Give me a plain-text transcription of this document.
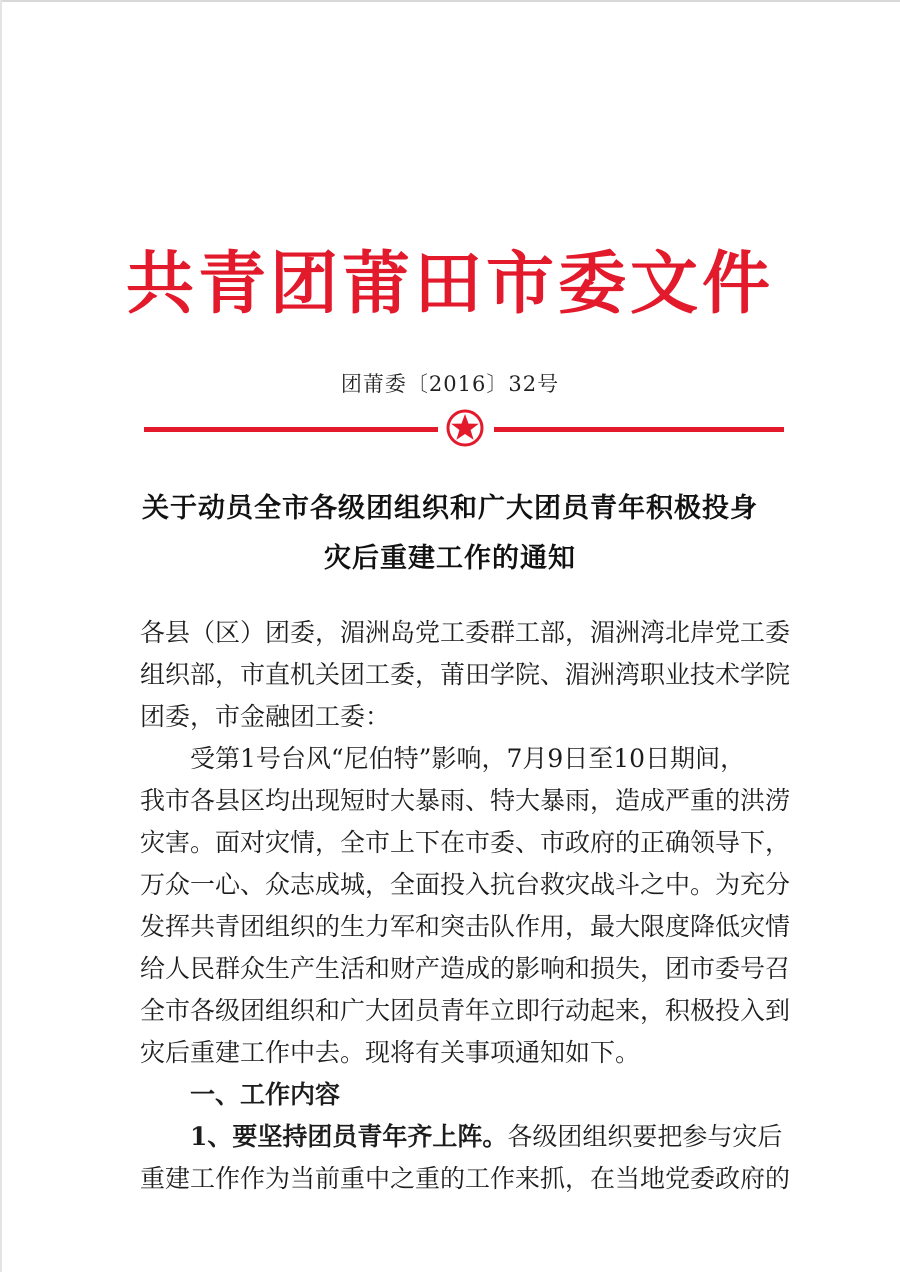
共青团莆田市委文件
团莆委〔2016〕32号
关于动员全市各级团组织和广大团员青年积极投身
灾后重建工作的通知
各县（区）团委，湄洲岛党工委群工部，湄洲湾北岸党工委
组织部，市直机关团工委，莆田学院、湄洲湾职业技术学院
团委，市金融团工委：
受第1号台风“尼伯特”影响，7月9日至10日期间，
我市各县区均出现短时大暴雨、特大暴雨，造成严重的洪涝
灾害。面对灾情，全市上下在市委、市政府的正确领导下，
万众一心、众志成城，全面投入抗台救灾战斗之中。为充分
发挥共青团组织的生力军和突击队作用，最大限度降低灾情
给人民群众生产生活和财产造成的影响和损失，团市委号召
全市各级团组织和广大团员青年立即行动起来，积极投入到
灾后重建工作中去。现将有关事项通知如下。
一、工作内容
1、要坚持团员青年齐上阵。各级团组织要把参与灾后
重建工作作为当前重中之重的工作来抓，在当地党委政府的
